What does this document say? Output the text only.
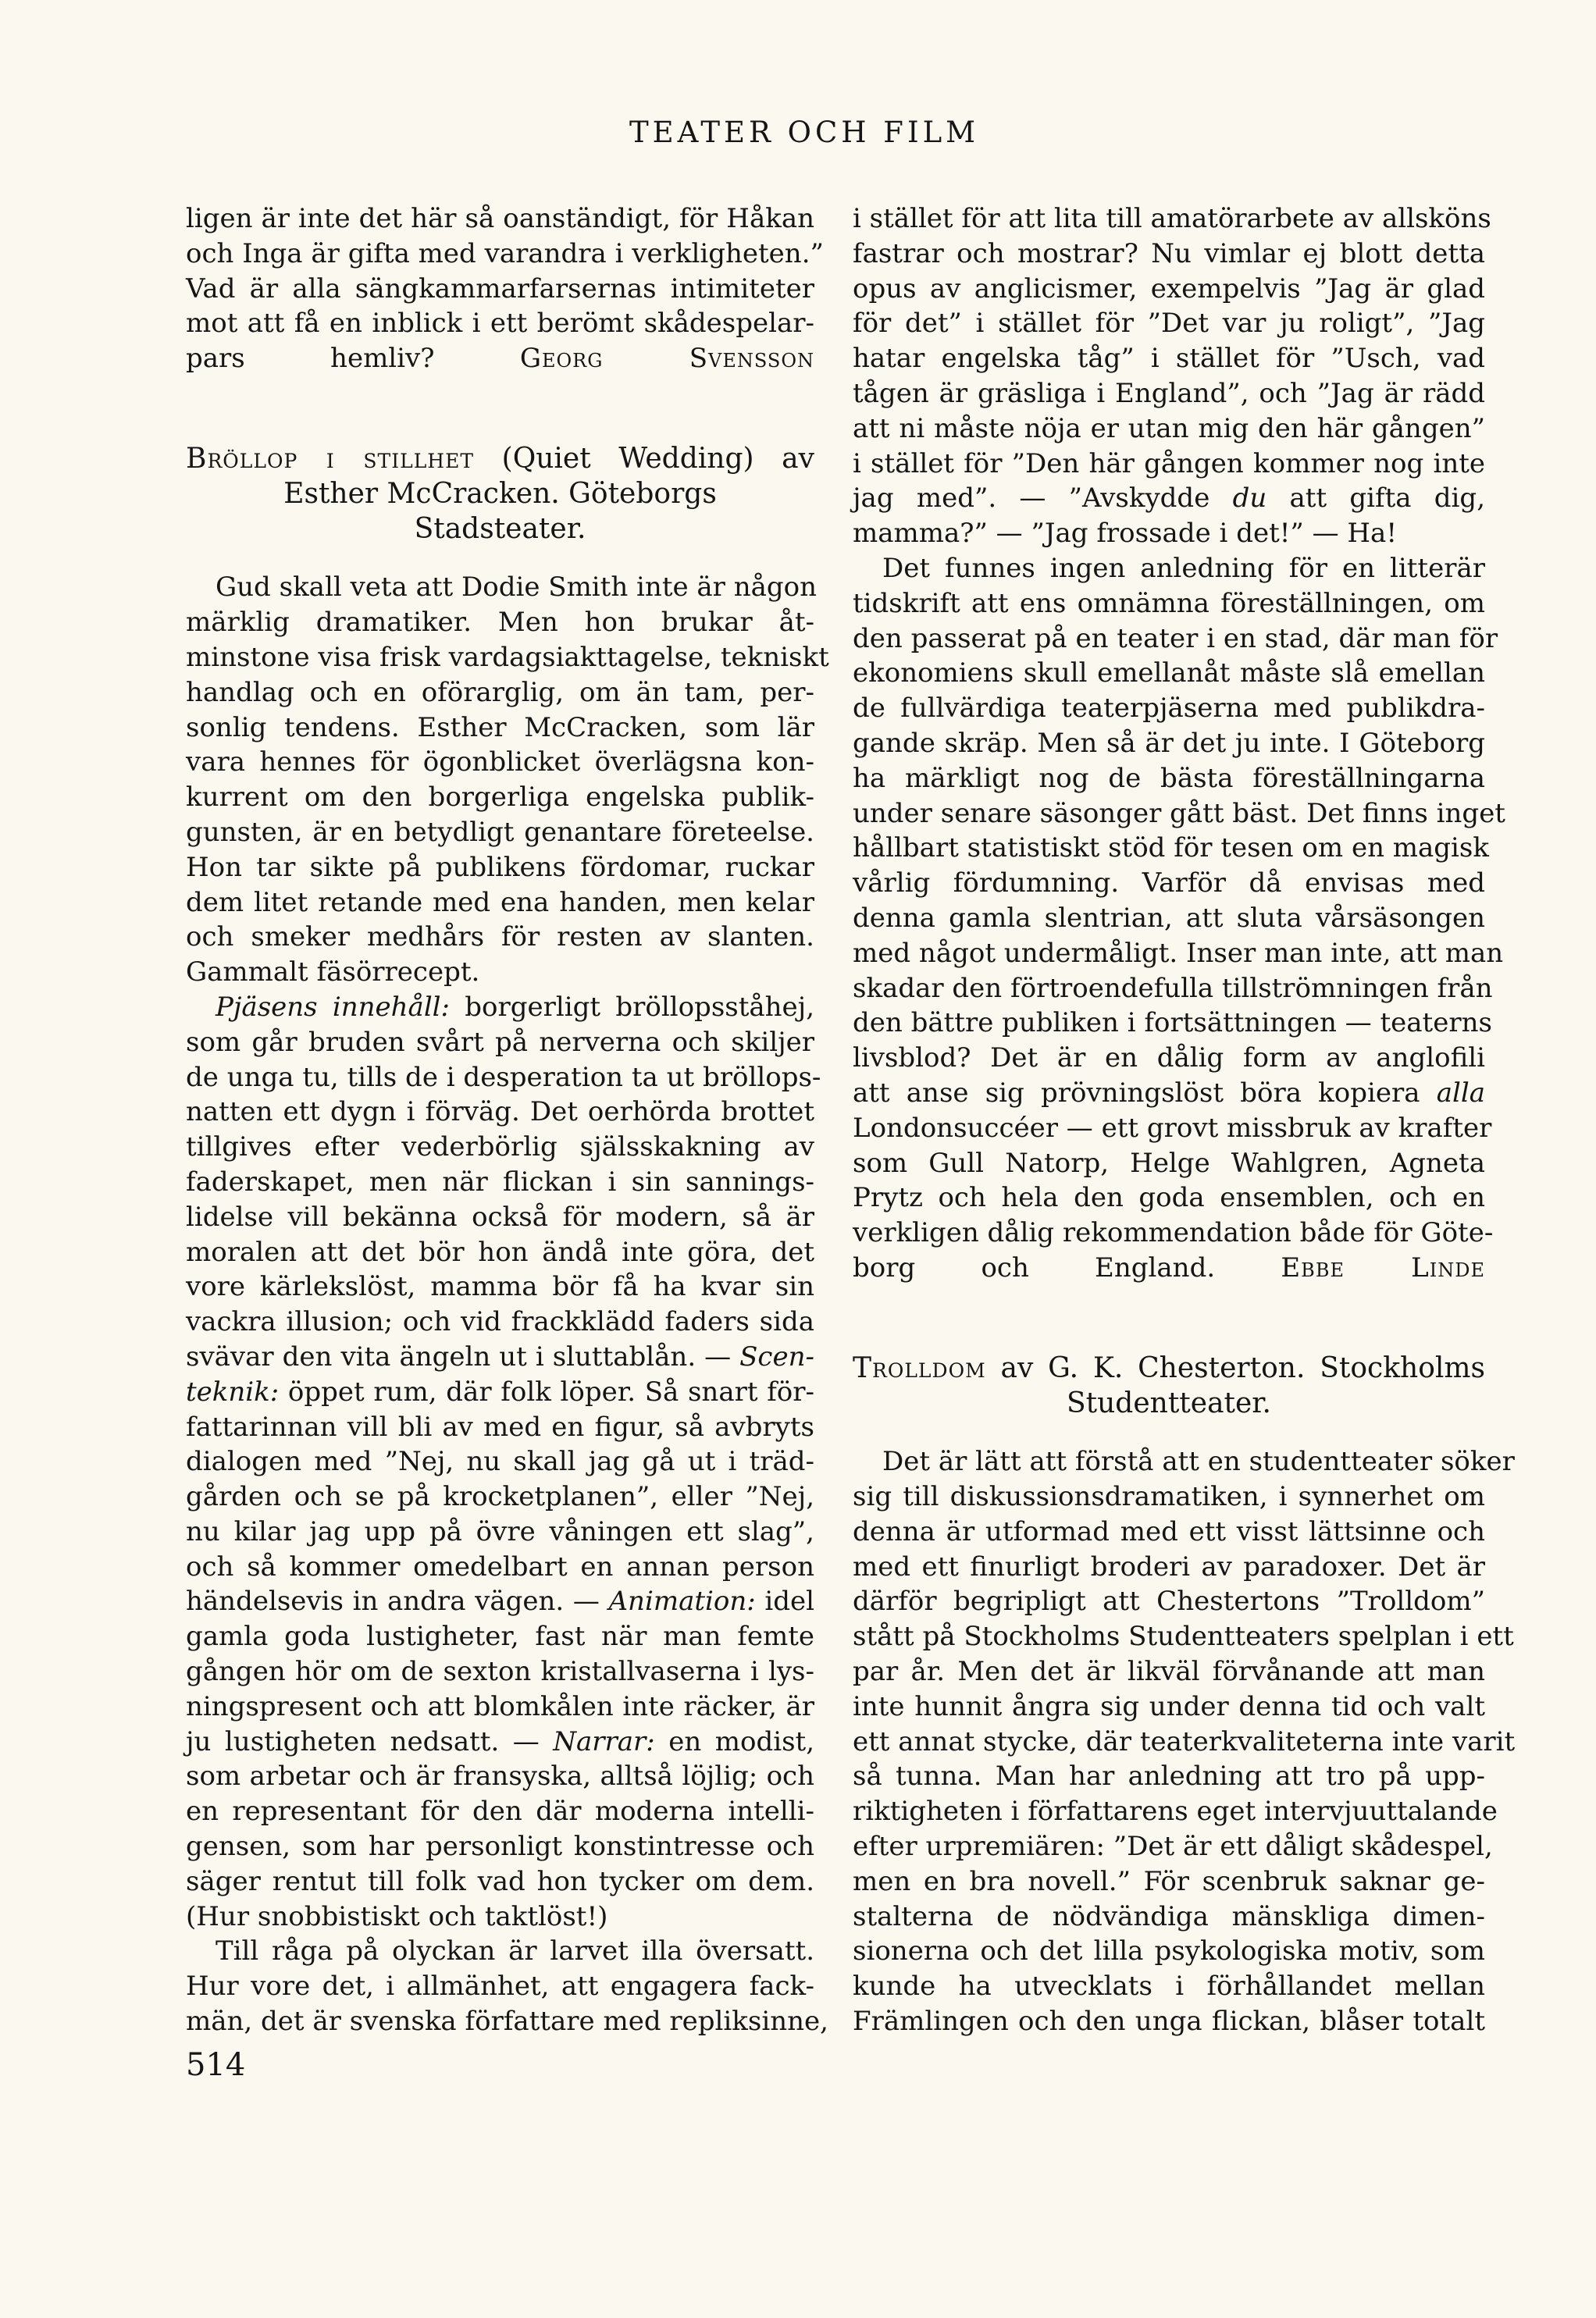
TEATER OCH FILM
ligen är inte det här så oanständigt, för Håkan
och Inga är gifta med varandra i verkligheten.”
Vad är alla sängkammarfarsernas intimiteter
mot att få en inblick i ett berömt skådespelar-
pars hemliv?	Georg Svensson
Bröllop i stillhet (Quiet Wedding) av
Esther McCracken. Göteborgs
Stadsteater.
Gud skall veta att Dodie Smith inte är någon
märklig dramatiker. Men hon brukar åt-
minstone visa frisk vardagsiakttagelse, tekniskt
handlag och en oförarglig, om än tam, per-
sonlig tendens. Esther McCracken, som lär
vara hennes för ögonblicket överlägsna kon-
kurrent om den borgerliga engelska publik-
gunsten, är en betydligt genantare företeelse.
Hon tar sikte på publikens fördomar, ruckar
dem litet retande med ena handen, men kelar
och smeker medhårs för resten av slanten.
Gammalt fäsörrecept.
Pjäsens innehåll: borgerligt bröllopsståhej,
som går bruden svårt på nerverna och skiljer
de unga tu, tills de i desperation ta ut bröllops-
natten ett dygn i förväg. Det oerhörda brottet
tillgives efter vederbörlig själsskakning av
faderskapet, men när flickan i sin sannings-
lidelse vill bekänna också för modern, så är
moralen att det bör hon ändå inte göra, det
vore kärlekslöst, mamma bör få ha kvar sin
vackra illusion; och vid frackklädd faders sida
svävar den vita ängeln ut i sluttablån. — Scen-
teknik: öppet rum, där folk löper. Så snart för-
fattarinnan vill bli av med en figur, så avbryts
dialogen med ”Nej, nu skall jag gå ut i träd-
gården och se på krocketplanen”, eller ”Nej,
nu kilar jag upp på övre våningen ett slag”,
och så kommer omedelbart en annan person
händelsevis in andra vägen. — Animation: idel
gamla goda lustigheter, fast när man femte
gången hör om de sexton kristallvaserna i lys-
ningspresent och att blomkålen inte räcker, är
ju lustigheten nedsatt. — Narrar: en modist,
som arbetar och är fransyska, alltså löjlig; och
en representant för den där moderna intelli-
gensen, som har personligt konstintresse och
säger rentut till folk vad hon tycker om dem.
(Hur snobbistiskt och taktlöst!)
Till råga på olyckan är larvet illa översatt.
Hur vore det, i allmänhet, att engagera fack-
män, det är svenska författare med repliksinne,
i stället för att lita till amatörarbete av allsköns
fastrar och mostrar? Nu vimlar ej blott detta
opus av anglicismer, exempelvis ”Jag är glad
för det” i stället för ”Det var ju roligt”, ”Jag
hatar engelska tåg” i stället för ”Usch, vad
tågen är gräsliga i England”, och ”Jag är rädd
att ni måste nöja er utan mig den här gången”
i stället för ”Den här gången kommer nog inte
jag med”. — ”Avskydde du att gifta dig,
mamma?” — ”Jag frossade i det!” — Ha!
Det funnes ingen anledning för en litterär
tidskrift att ens omnämna föreställningen, om
den passerat på en teater i en stad, där man för
ekonomiens skull emellanåt måste slå emellan
de fullvärdiga teaterpjäserna med publikdra-
gande skräp. Men så är det ju inte. I Göteborg
ha märkligt nog de bästa föreställningarna
under senare säsonger gått bäst. Det finns inget
hållbart statistiskt stöd för tesen om en magisk
vårlig fördumning. Varför då envisas med
denna gamla slentrian, att sluta vårsäsongen
med något undermåligt. Inser man inte, att man
skadar den förtroendefulla tillströmningen från
den bättre publiken i fortsättningen — teaterns
livsblod? Det är en dålig form av anglofili
att anse sig prövningslöst böra kopiera alla
Londonsuccéer — ett grovt missbruk av krafter
som Gull Natorp, Helge Wahlgren, Agneta
Prytz och hela den goda ensemblen, och en
verkligen dålig rekommendation både för Göte-
borg och England. Ebbe Linde
Trolldom av G. K. Chesterton. Stockholms
Studentteater.
Det är lätt att förstå att en studentteater söker
sig till diskussionsdramatiken, i synnerhet om
denna är utformad med ett visst lättsinne och
med ett finurligt broderi av paradoxer. Det är
därför begripligt att Chestertons ”Trolldom”
stått på Stockholms Studentteaters spelplan i ett
par år. Men det är likväl förvånande att man
inte hunnit ångra sig under denna tid och valt
ett annat stycke, där teaterkvaliteterna inte varit
så tunna. Man har anledning att tro på upp-
riktigheten i författarens eget intervjuuttalande
efter urpremiären: ”Det är ett dåligt skådespel,
men en bra novell.” För scenbruk saknar ge-
stalterna de nödvändiga mänskliga dimen-
sionerna och det lilla psykologiska motiv, som
kunde ha utvecklats i förhållandet mellan
Främlingen och den unga flickan, blåser totalt
514
